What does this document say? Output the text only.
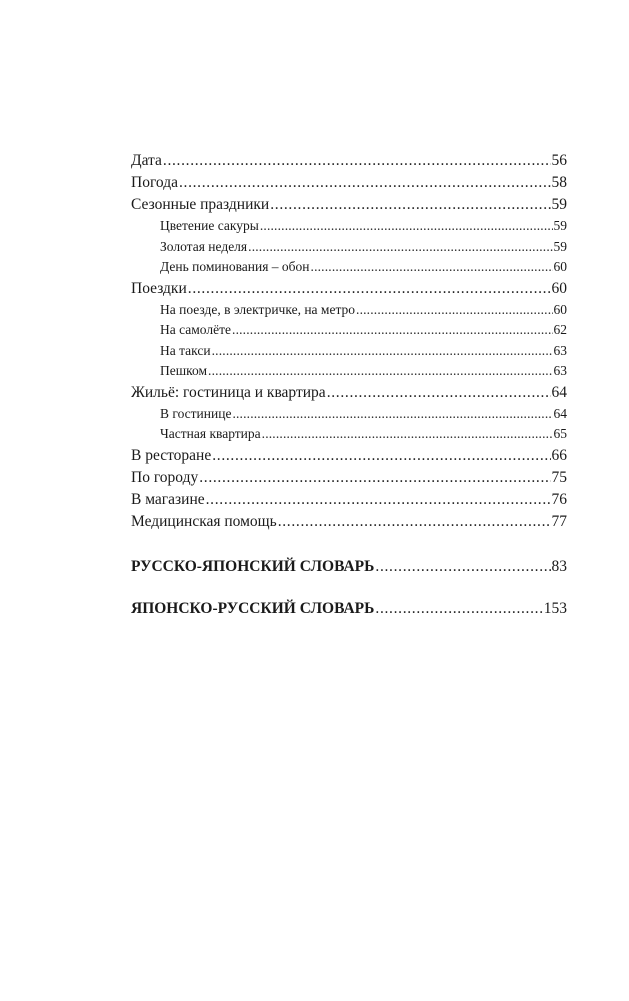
Дата . . .	56
Погода . . .	58
Сезонные праздники . . .	59
Цветение сакуры . . .	59
Золотая неделя . . .	59
День поминования – обон . . .	60
Поездки . . .	60
На поезде, в электричке, на метро . . .	60
На самолёте . . .	62
На такси . . .	63
Пешком . . .	63
Жильё: гостиница и квартира . . .	64
В гостинице . . .	64
Частная квартира . . .	65
В ресторане . . .	66
По городу . . .	75
В магазине . . .	76
Медицинская помощь . . .	77
РУССКО-ЯПОНСКИЙ СЛОВАРЬ . . .	83
ЯПОНСКО-РУССКИЙ СЛОВАРЬ . . .	153
